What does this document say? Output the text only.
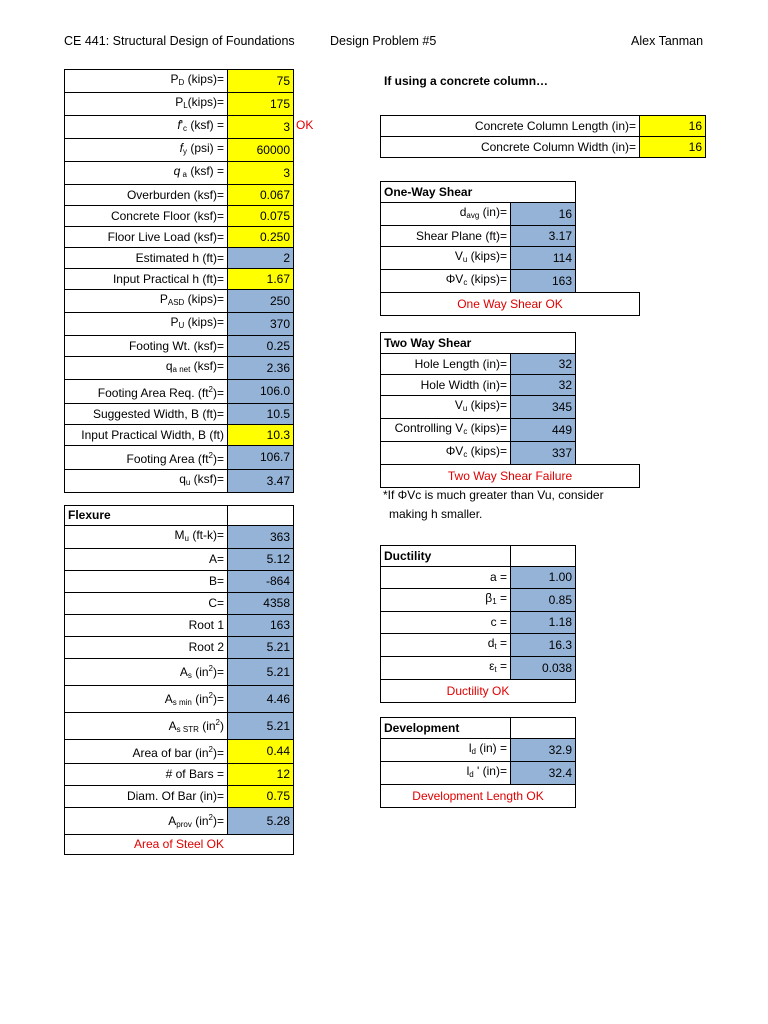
CE 441: Structural Design of Foundations	Design Problem #5	Alex Tanman
$P_D$ (kips)=	75
$P_L(kips)=$	175
$f'_c$ (ksf) =	3
$f_y$ (psi) =	60000
q $_a$ (ksf) =	3
Overburden (ksf)=	0.067
Concrete Floor (ksf)=	0.075
Floor Live Load (ksf)=	0.250
Estimated h (ft)=	2
Input Practical h (ft)=	1.67
$P_{ASD}$ (kips)=	250
$P_U$ (kips)=	370
Footing Wt. (ksf)=	0.25
$q_{a net}$ (ksf)=	2.36
Footing Area Req. $(ft^2)=$	106.0
Suggested Width, B (ft)=	10.5
Input Practical Width, B (ft)	10.3
Footing Area $(ft^2)=$	106.7
$q_u$ (ksf)=	3.47
OK
Flexure	
$M_u$ (ft-k)=	363
A=	5.12
B=	-864
C=	4358
Root 1	163
Root 2	5.21
$A_s$ $(in^2)=$	5.21
$A_{s min}$ $(in^2)=$	4.46
$A_{s STR}$ $(in^2)$	5.21
Area of bar $(in^2)=$	0.44
# of Bars =	12
Diam. Of Bar (in)=	0.75
$A_{prov}$ $(in^2)=$	5.28
Area of Steel OK	
If using a concrete column…
Concrete Column Length (in)=	16
Concrete Column Width (in)=	16
One-Way Shear		
$d_{avg}$ (in)=	16	
Shear Plane (ft)=	3.17	
$V_u$ (kips)=	114	
$\Phi V_c$ (kips)=	163	
One Way Shear OK		
Two Way Shear		
Hole Length (in)=	32	
Hole Width (in)=	32	
$V_u$ (kips)=	345	
Controlling $V_c$ (kips)=	449	
$\Phi V_c$ (kips)=	337	
Two Way Shear Failure		
*If ΦVc is much greater than Vu, consider
making h smaller.
Ductility	
a =	1.00
$\beta_1$ =	0.85
c =	1.18
$d_t$ =	16.3
$\varepsilon_t$ =	0.038
Ductility OK	
Development	
$l_d$ (in) =	32.9
$l_d$ ' (in)=	32.4
Development Length OK	
